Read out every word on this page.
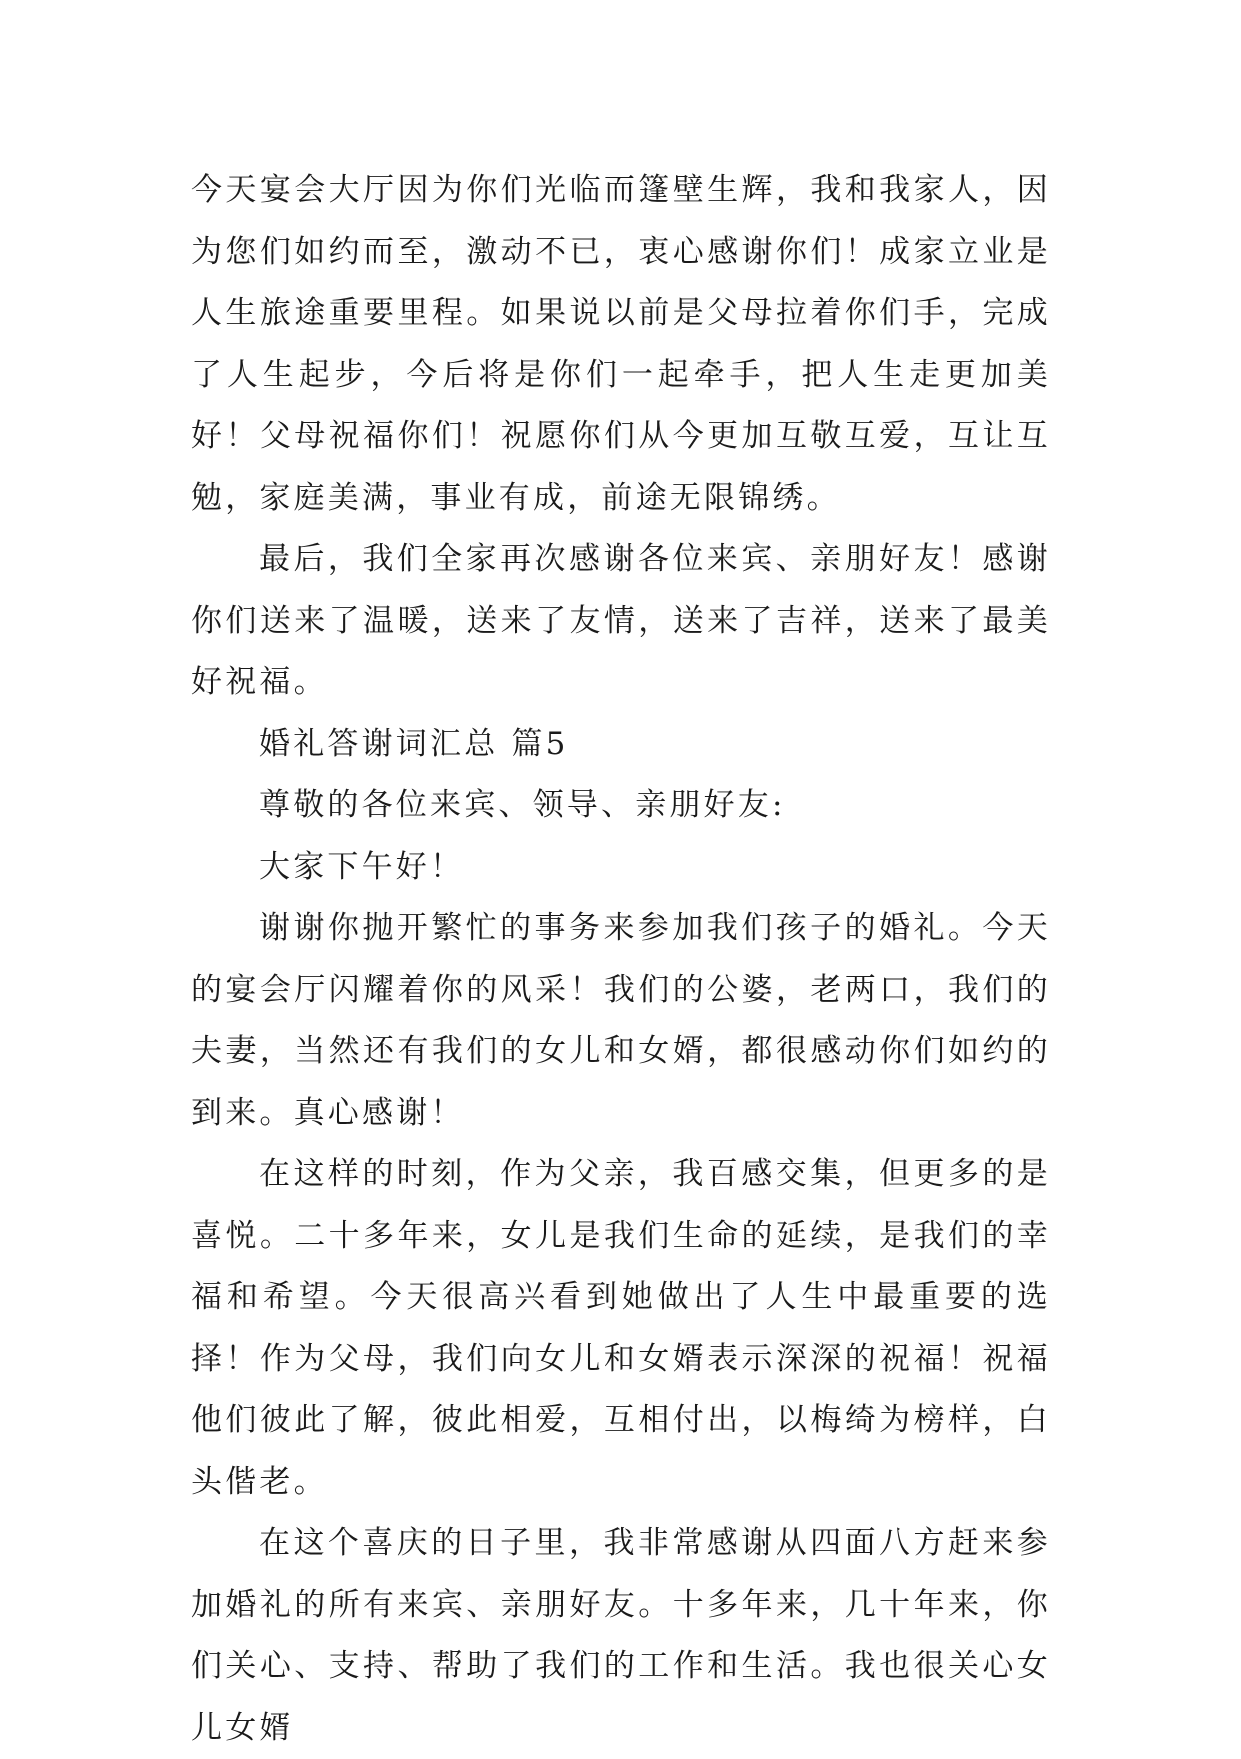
今天宴会大厅因为你们光临而篷壁生辉，我和我家人，因为您们如约而至，激动不已，衷心感谢你们！成家立业是人生旅途重要里程。如果说以前是父母拉着你们手，完成了人生起步，今后将是你们一起牵手，把人生走更加美好！父母祝福你们！祝愿你们从今更加互敬互爱，互让互勉，家庭美满，事业有成，前途无限锦绣。

最后，我们全家再次感谢各位来宾、亲朋好友！感谢你们送来了温暖，送来了友情，送来了吉祥，送来了最美好祝福。

婚礼答谢词汇总 篇5

尊敬的各位来宾、领导、亲朋好友:

大家下午好！

谢谢你抛开繁忙的事务来参加我们孩子的婚礼。今天的宴会厅闪耀着你的风采！我们的公婆，老两口，我们的夫妻，当然还有我们的女儿和女婿，都很感动你们如约的到来。真心感谢！

在这样的时刻，作为父亲，我百感交集，但更多的是喜悦。二十多年来，女儿是我们生命的延续，是我们的幸福和希望。今天很高兴看到她做出了人生中最重要的选择！作为父母，我们向女儿和女婿表示深深的祝福！祝福他们彼此了解，彼此相爱，互相付出，以梅绮为榜样，白头偕老。

在这个喜庆的日子里，我非常感谢从四面八方赶来参加婚礼的所有来宾、亲朋好友。十多年来，几十年来，你们关心、支持、帮助了我们的工作和生活。我也很关心女儿女婿
